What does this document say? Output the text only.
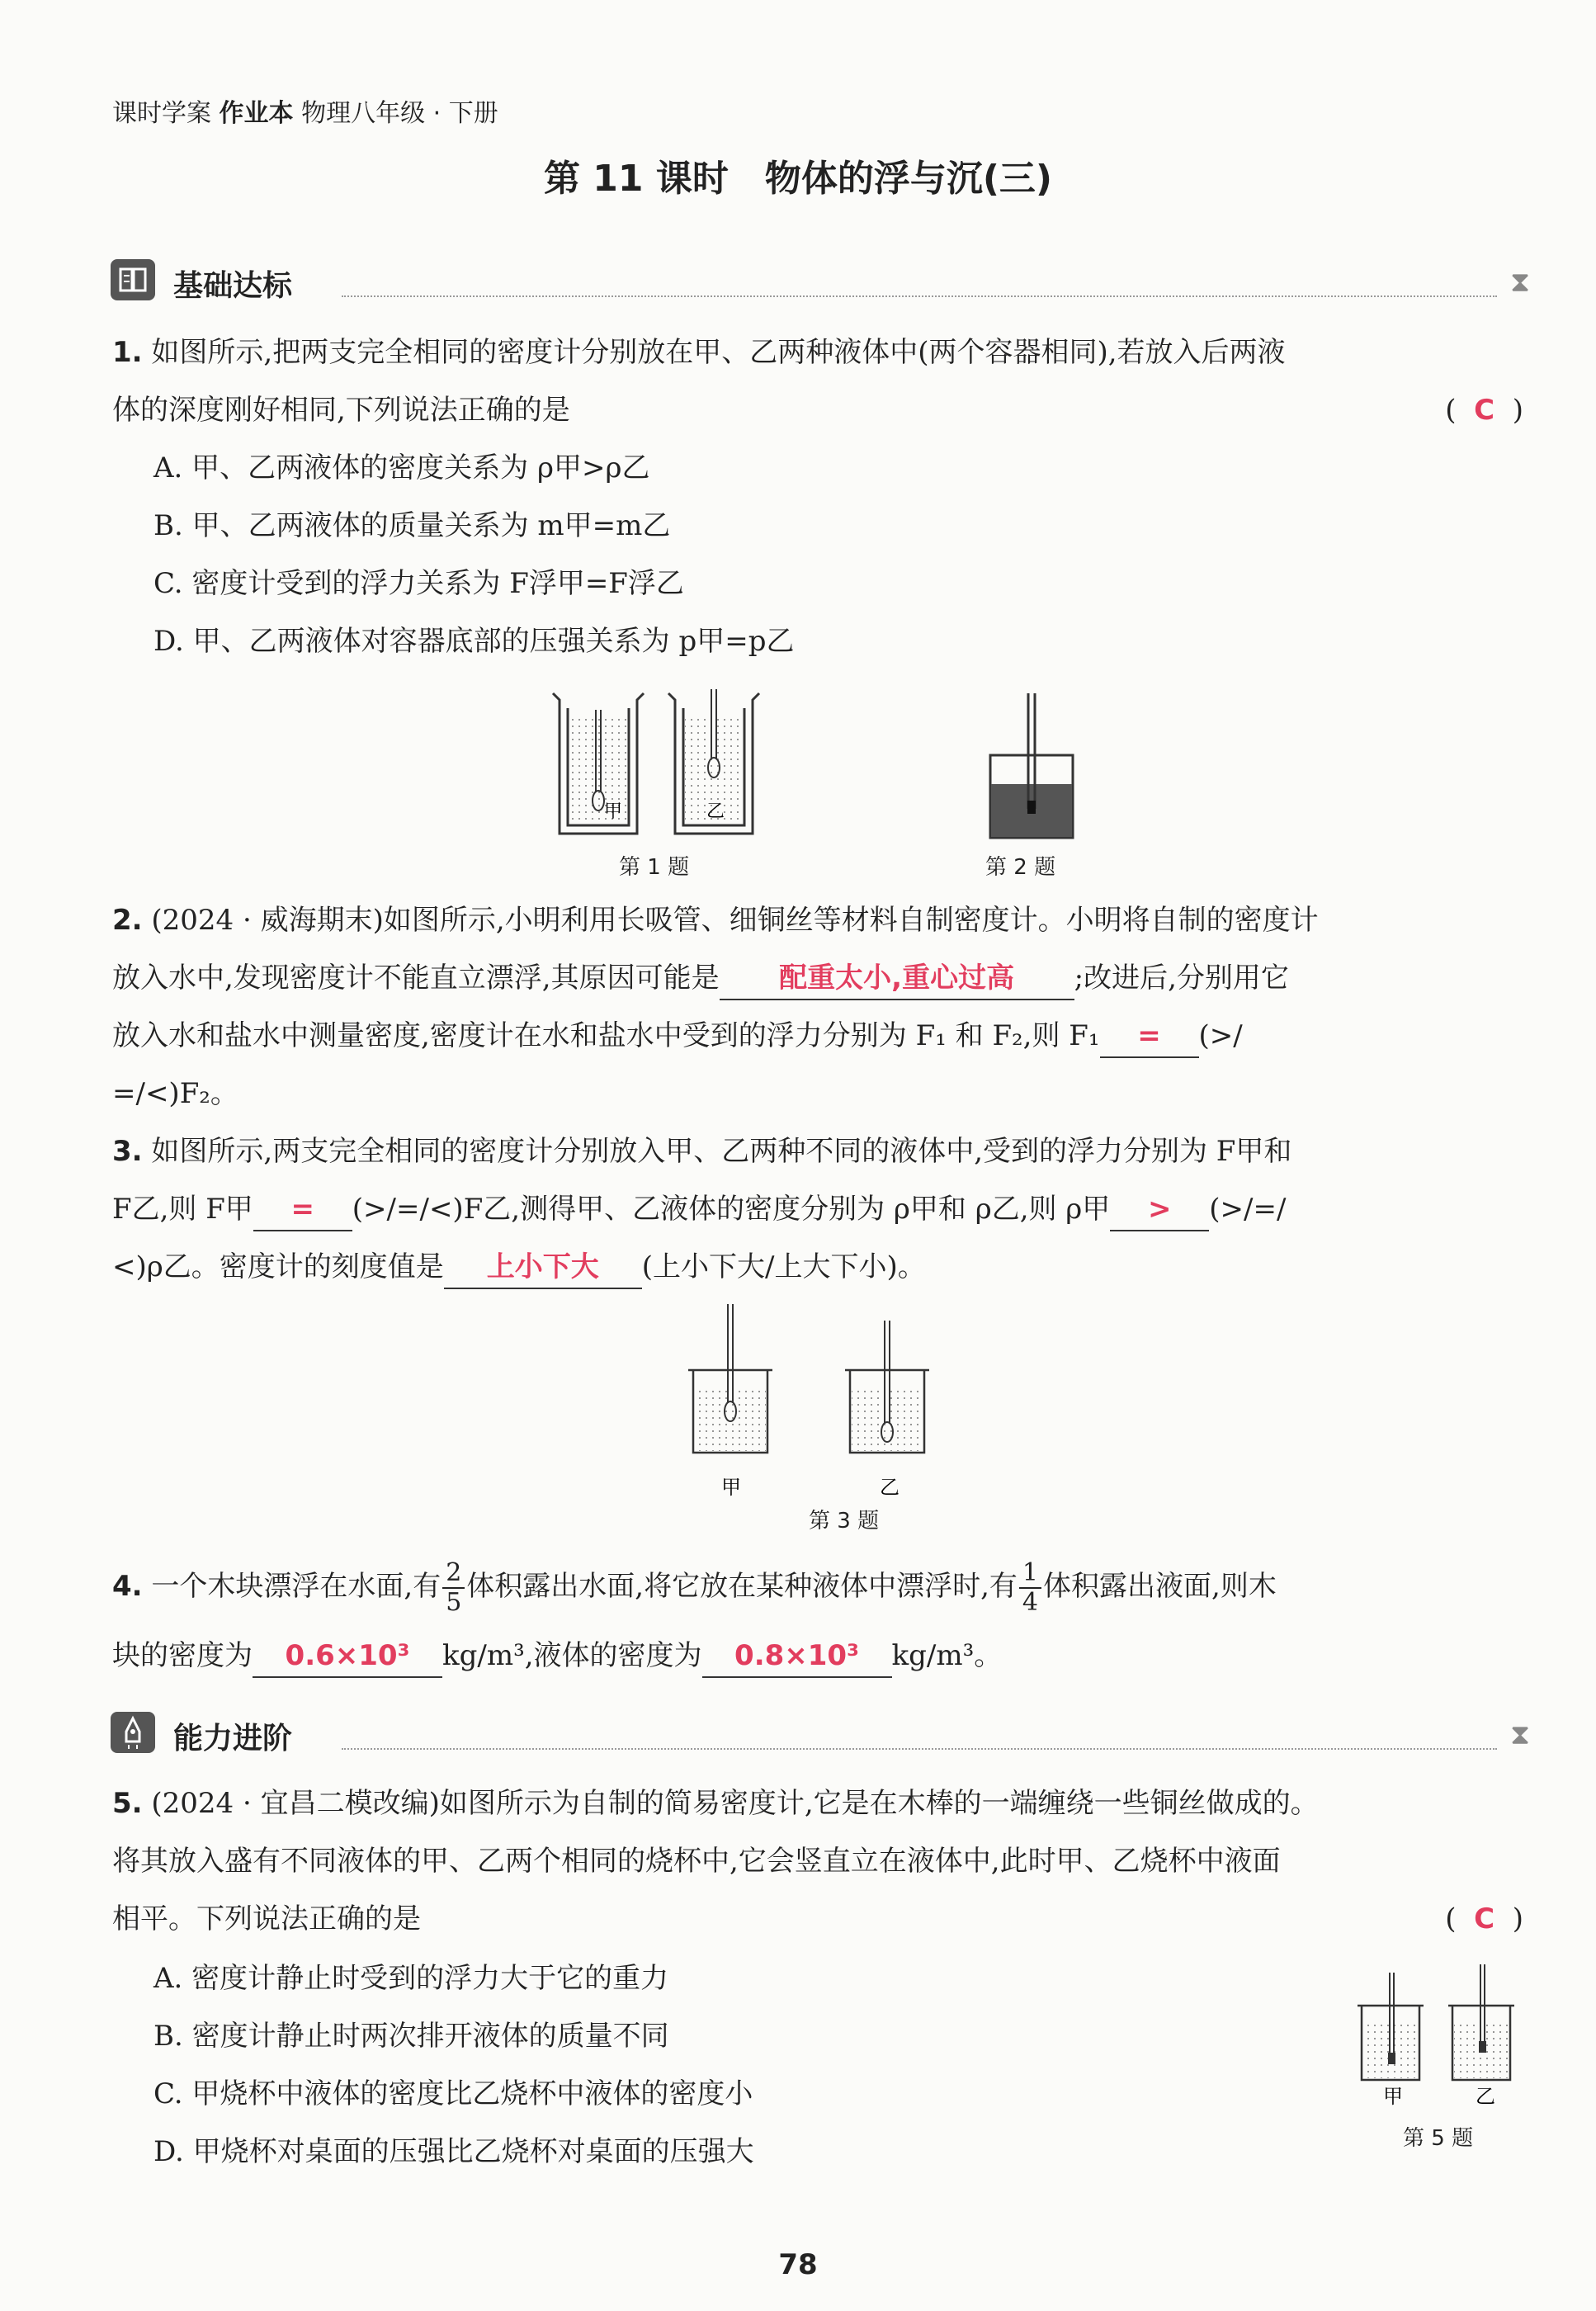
课时学案 作业本 物理八年级 · 下册
第 11 课时　物体的浮与沉(三)
基础达标	⧗
1. 如图所示,把两支完全相同的密度计分别放在甲、乙两种液体中(两个容器相同),若放入后两液
体的深度刚好相同,下列说法正确的是	( C )
A. 甲、乙两液体的密度关系为 ρ甲>ρ乙
B. 甲、乙两液体的质量关系为 m甲=m乙
C. 密度计受到的浮力关系为 F浮甲=F浮乙
D. 甲、乙两液体对容器底部的压强关系为 p甲=p乙
甲	乙
第 1 题	第 2 题
2. (2024 · 威海期末)如图所示,小明利用长吸管、细铜丝等材料自制密度计。小明将自制的密度计
放入水中,发现密度计不能直立漂浮,其原因可能是 配重太小,重心过高 ;改进后,分别用它
放入水和盐水中测量密度,密度计在水和盐水中受到的浮力分别为 F₁ 和 F₂,则 F₁ = (>/
=/<)F₂。
3. 如图所示,两支完全相同的密度计分别放入甲、乙两种不同的液体中,受到的浮力分别为 F甲和
F乙,则 F甲 = (>/=/<)F乙,测得甲、乙液体的密度分别为 ρ甲和 ρ乙,则 ρ甲 > (>/=/
<)ρ乙。密度计的刻度值是 上小下大 (上小下大/上大下小)。
甲	乙
第 3 题
4. 一个木块漂浮在水面,有 $\frac{2}{5}$ 体积露出水面,将它放在某种液体中漂浮时,有 $\frac{1}{4}$ 体积露出液面,则木
块的密度为 0.6×10³ kg/m³,液体的密度为 0.8×10³ kg/m³。
能力进阶	⧗
5. (2024 · 宜昌二模改编)如图所示为自制的简易密度计,它是在木棒的一端缠绕一些铜丝做成的。
将其放入盛有不同液体的甲、乙两个相同的烧杯中,它会竖直立在液体中,此时甲、乙烧杯中液面
相平。下列说法正确的是	( C )
A. 密度计静止时受到的浮力大于它的重力
B. 密度计静止时两次排开液体的质量不同
C. 甲烧杯中液体的密度比乙烧杯中液体的密度小
D. 甲烧杯对桌面的压强比乙烧杯对桌面的压强大
甲	乙
第 5 题
78
